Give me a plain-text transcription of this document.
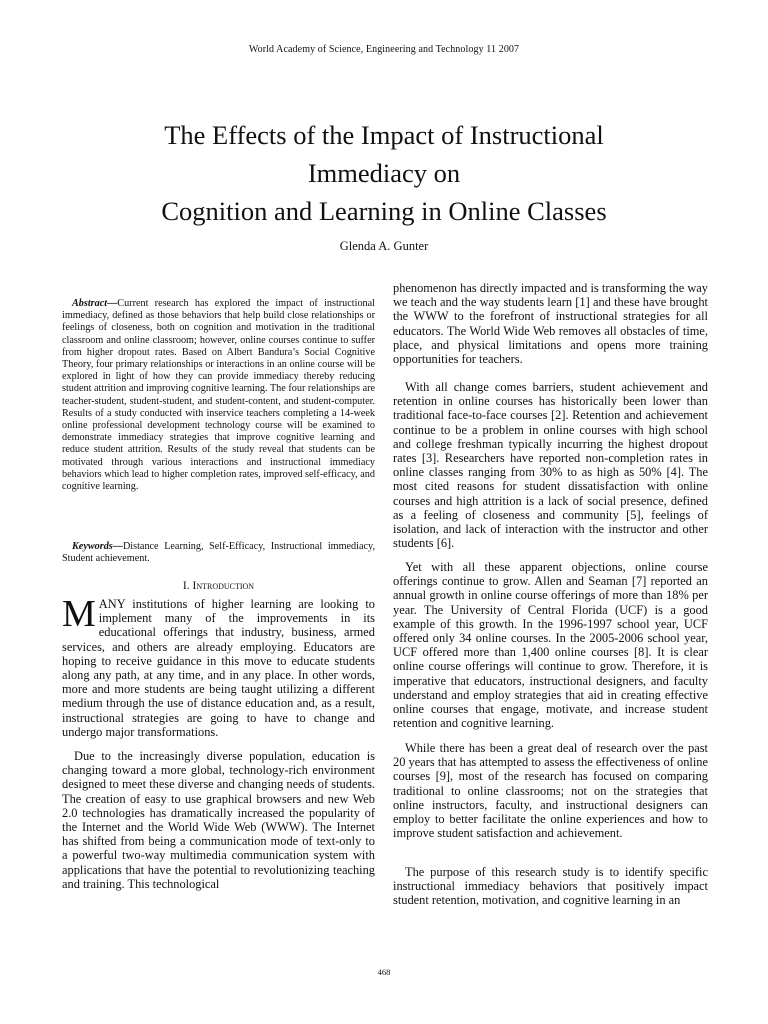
World Academy of Science, Engineering and Technology 11 2007
The Effects of the Impact of Instructional
Immediacy on
Cognition and Learning in Online Classes
Glenda A. Gunter

Abstract—Current research has explored the impact of instructional immediacy, defined as those behaviors that help build close relationships or feelings of closeness, both on cognition and motivation in the traditional classroom and online classroom; however, online courses continue to suffer from higher dropout rates. Based on Albert Bandura’s Social Cognitive Theory, four primary relationships or interactions in an online course will be explored in light of how they can provide immediacy thereby reducing student attrition and improving cognitive learning. The four relationships are teacher-student, student-student, and student-content, and student-computer. Results of a study conducted with inservice teachers completing a 14-week online professional development technology course will be examined to demonstrate immediacy strategies that improve cognitive learning and reduce student attrition. Results of the study reveal that students can be motivated through various interactions and instructional immediacy behaviors which lead to higher completion rates, improved self-efficacy, and cognitive learning.

Keywords—Distance Learning, Self-Efficacy, Instructional immediacy, Student achievement.

I. Introduction

MANY institutions of higher learning are looking to implement many of the improvements in its educational offerings that industry, business, armed services, and others are already employing. Educators are hoping to receive guidance in this move to educate students along any path, at any time, and in any place. In other words, more and more students are being taught utilizing a different medium through the use of distance education and, as a result, instructional strategies are going to have to change and undergo major transformations.

Due to the increasingly diverse population, education is changing toward a more global, technology-rich environment designed to meet these diverse and changing needs of students. The creation of easy to use graphical browsers and new Web 2.0 technologies has dramatically increased the popularity of the Internet and the World Wide Web (WWW). The Internet has shifted from being a communication mode of text-only to a powerful two-way multimedia communication system with applications that have the potential to revolutionizing teaching and training. This technological

phenomenon has directly impacted and is transforming the way we teach and the way students learn [1] and these have brought the WWW to the forefront of instructional strategies for all educators. The World Wide Web removes all obstacles of time, place, and physical limitations and opens more training opportunities for teachers.

With all change comes barriers, student achievement and retention in online courses has historically been lower than traditional face-to-face courses [2]. Retention and achievement continue to be a problem in online courses with high school and college freshman typically incurring the highest dropout rates [3]. Researchers have reported non-completion rates in online classes ranging from 30% to as high as 50% [4]. The most cited reasons for student dissatisfaction with online courses and high attrition is a lack of social presence, defined as a feeling of closeness and community [5], feelings of isolation, and lack of interaction with the instructor and other students [6].

Yet with all these apparent objections, online course offerings continue to grow. Allen and Seaman [7] reported an annual growth in online course offerings of more than 18% per year. The University of Central Florida (UCF) is a good example of this growth. In the 1996-1997 school year, UCF offered only 34 online courses. In the 2005-2006 school year, UCF offered more than 1,400 online courses [8]. It is clear online course offerings will continue to grow. Therefore, it is imperative that educators, instructional designers, and faculty understand and employ strategies that aid in creating effective online courses that engage, motivate, and increase student retention and cognitive learning.

While there has been a great deal of research over the past 20 years that has attempted to assess the effectiveness of online courses [9], most of the research has focused on comparing traditional to online classrooms; not on the strategies that online instructors, faculty, and instructional designers can employ to better facilitate the online experiences and how to improve student satisfaction and achievement.

The purpose of this research study is to identify specific instructional immediacy behaviors that positively impact student retention, motivation, and cognitive learning in an

468
